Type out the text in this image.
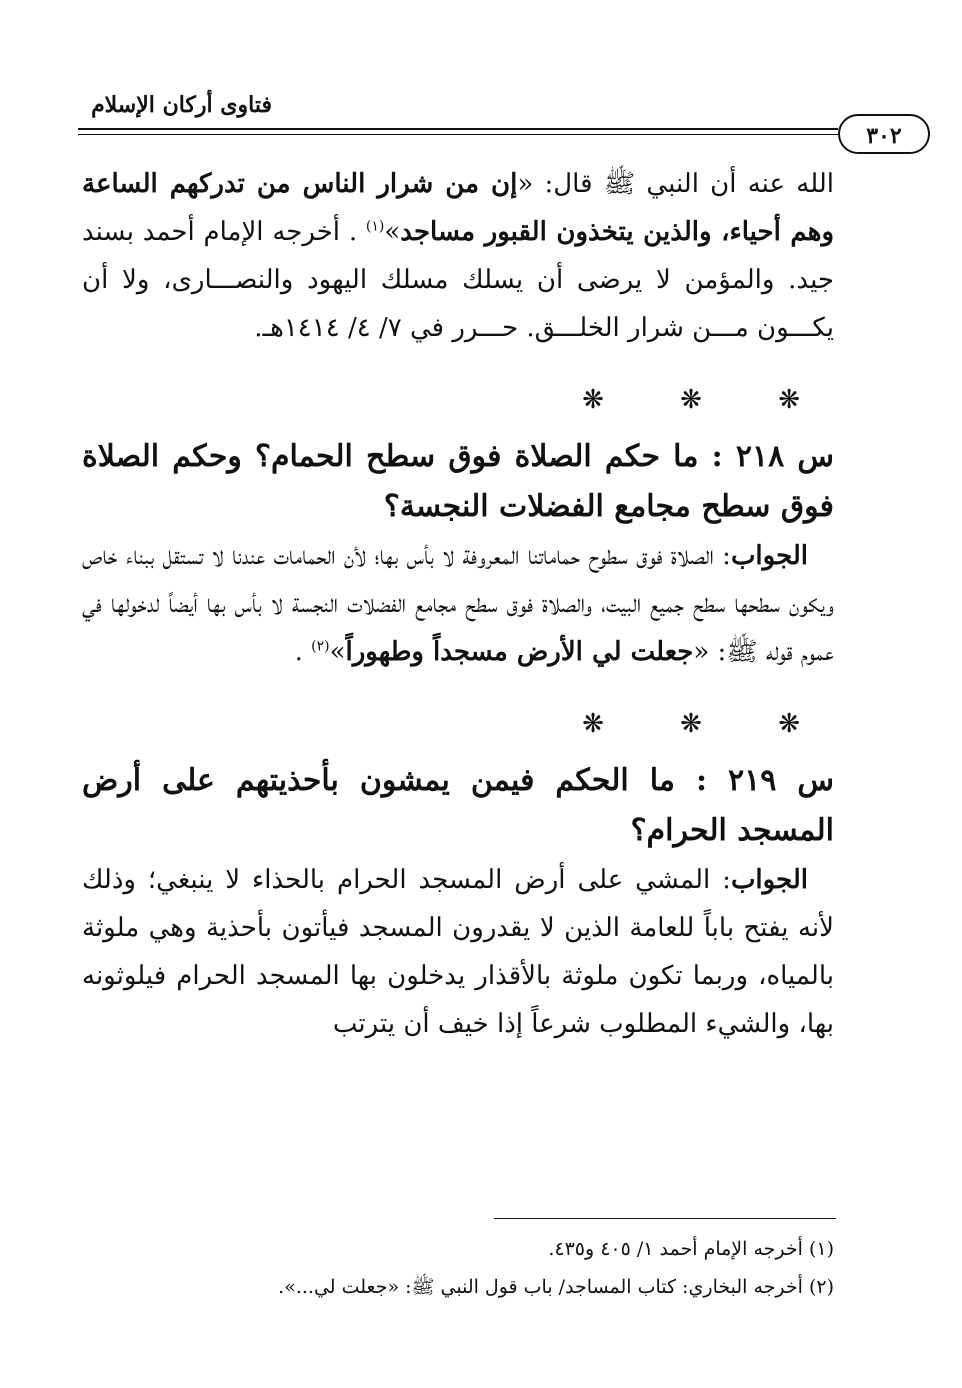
فتاوى أركان الإسلام
٣٠٢

الله عنه أن النبي ﷺ قال: «إن من شرار الناس من تدركهم الساعة وهم أحياء، والذين يتخذون القبور مساجد»$^{(١)}$ . أخرجه الإمام أحمد بسند جيد. والمؤمن لا يرضى أن يسلك مسلك اليهود والنصـــارى، ولا أن يكـــون مـــن شرار الخلـــق. حـــرر في ٧/ ٤/ ١٤١٤هـ.

❋ ❋ ❋

س ٢١٨ : ما حكم الصلاة فوق سطح الحمام؟ وحكم الصلاة فوق سطح مجامع الفضلات النجسة؟

الجواب: الصلاة فوق سطوح حماماتنا المعروفة لا بأس بها؛ لأن الحمامات عندنا لا تستقل ببناء خاص ويكون سطحها سطح جميع البيت، والصلاة فوق سطح مجامع الفضلات النجسة لا بأس بها أيضاً لدخولها في عموم قوله ﷺ: «جعلت لي الأرض مسجداً وطهوراً»$^{(٢)}$ .

❋ ❋ ❋

س ٢١٩ : ما الحكم فيمن يمشون بأحذيتهم على أرض المسجد الحرام؟

الجواب: المشي على أرض المسجد الحرام بالحذاء لا ينبغي؛ وذلك لأنه يفتح باباً للعامة الذين لا يقدرون المسجد فيأتون بأحذية وهي ملوثة بالمياه، وربما تكون ملوثة بالأقذار يدخلون بها المسجد الحرام فيلوثونه بها، والشيء المطلوب شرعاً إذا خيف أن يترتب

(١) أخرجه الإمام أحمد ١/ ٤٠٥ و٤٣٥.

(٢) أخرجه البخاري: كتاب المساجد/ باب قول النبي ﷺ: «جعلت لي...».
